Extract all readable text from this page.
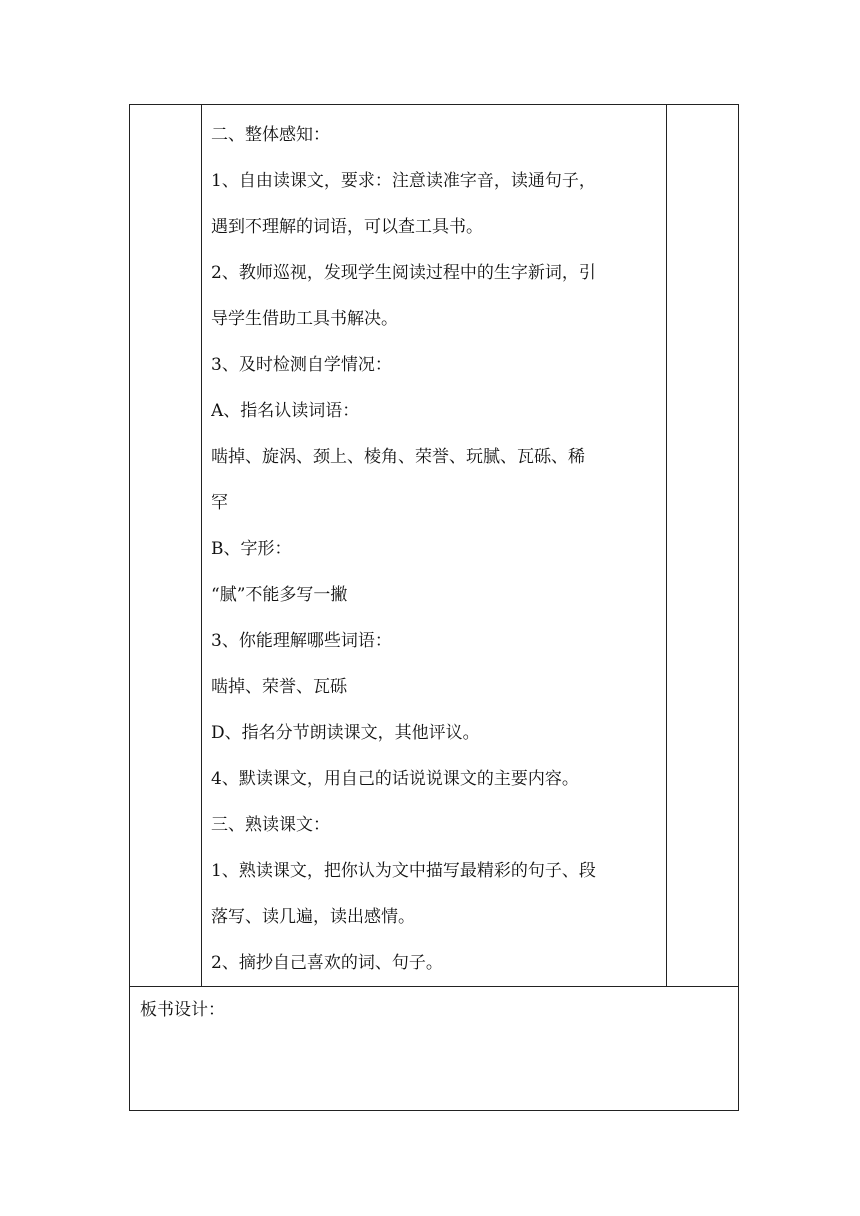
二、整体感知：
1、自由读课文，要求：注意读准字音，读通句子，
遇到不理解的词语，可以查工具书。
2、教师巡视，发现学生阅读过程中的生字新词，引
导学生借助工具书解决。
3、及时检测自学情况：
A、指名认读词语：
啮掉、旋涡、颈上、棱角、荣誉、玩腻、瓦砾、稀
罕
B、字形：
“腻”不能多写一撇
3、你能理解哪些词语：
啮掉、荣誉、瓦砾
D、指名分节朗读课文，其他评议。
4、默读课文，用自己的话说说课文的主要内容。
三、熟读课文：
1、熟读课文，把你认为文中描写最精彩的句子、段
落写、读几遍，读出感情。
2、摘抄自己喜欢的词、句子。

板书设计：
